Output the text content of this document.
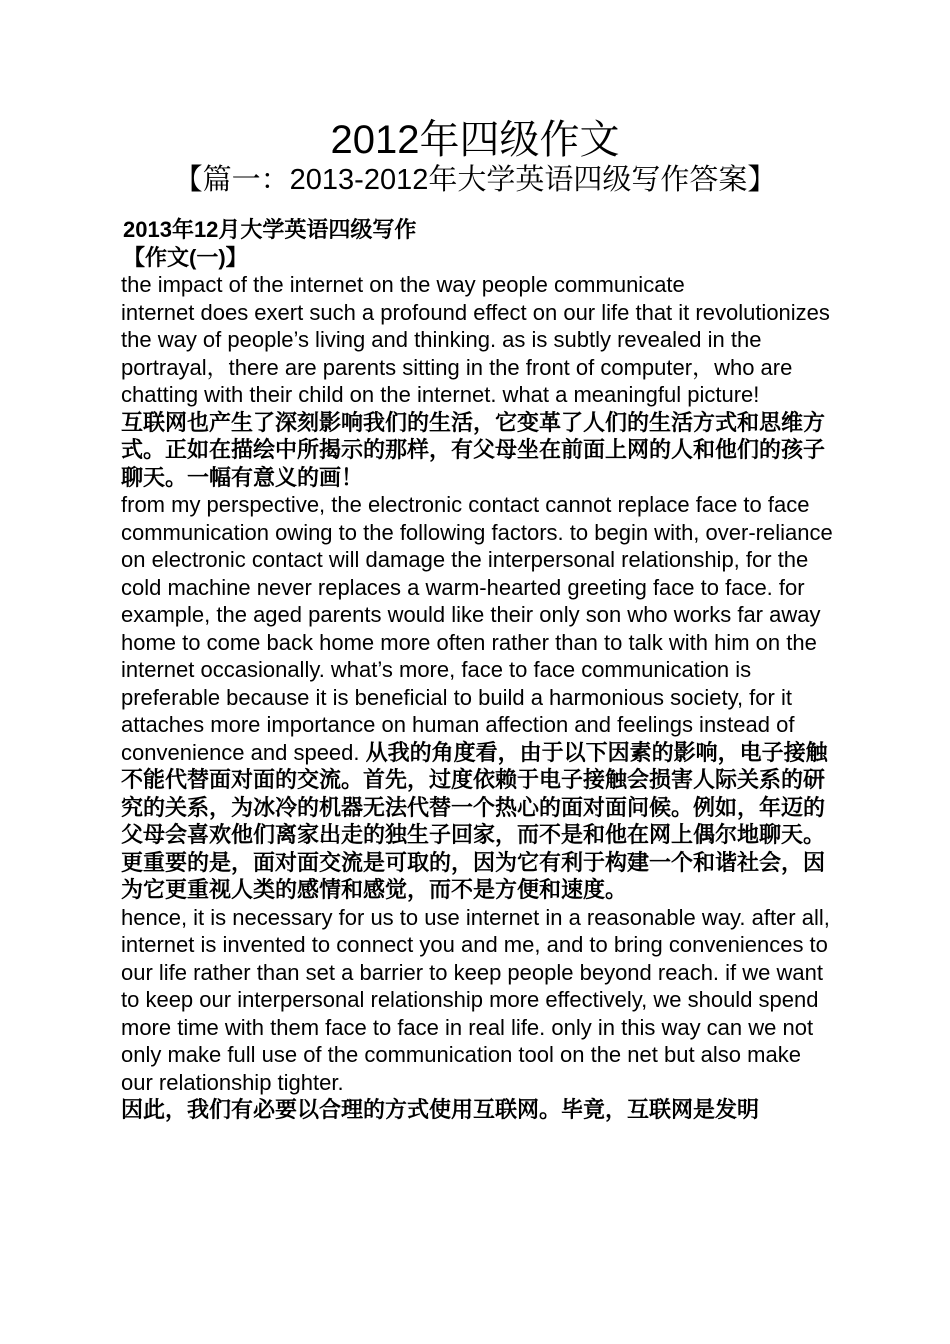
2012年四级作文
【篇一：2013-2012年大学英语四级写作答案】
2013年12月大学英语四级写作
【作文(一)】

the impact of the internet on the way people communicate

internet does exert such a profound effect on our life that it revolutionizes the way of people’s living and thinking. as is subtly revealed in the portrayal，there are parents sitting in the front of computer，who are chatting with their child on the internet. what a meaningful picture!

互联网也产生了深刻影响我们的生活，它变革了人们的生活方式和思维方式。正如在描绘中所揭示的那样，有父母坐在前面上网的人和他们的孩子聊天。一幅有意义的画！

from my perspective, the electronic contact cannot replace face to face communication owing to the following factors. to begin with, over-reliance on electronic contact will damage the interpersonal relationship, for the cold machine never replaces a warm-hearted greeting face to face. for example, the aged parents would like their only son who works far away home to come back home more often rather than to talk with him on the internet occasionally. what’s more, face to face communication is preferable because it is beneficial to build a harmonious society, for it attaches more importance on human affection and feelings instead of convenience and speed. 从我的角度看，由于以下因素的影响，电子接触不能代替面对面的交流。首先，过度依赖于电子接触会损害人际关系的研究的关系，为冰冷的机器无法代替一个热心的面对面问候。例如，年迈的父母会喜欢他们离家出走的独生子回家，而不是和他在网上偶尔地聊天。更重要的是，面对面交流是可取的，因为它有利于构建一个和谐社会，因为它更重视人类的感情和感觉，而不是方便和速度。

hence, it is necessary for us to use internet in a reasonable way. after all, internet is invented to connect you and me, and to bring conveniences to our life rather than set a barrier to keep people beyond reach. if we want to keep our interpersonal relationship more effectively, we should spend more time with them face to face in real life. only in this way can we not only make full use of the communication tool on the net but also make our relationship tighter.

因此，我们有必要以合理的方式使用互联网。毕竟，互联网是发明
